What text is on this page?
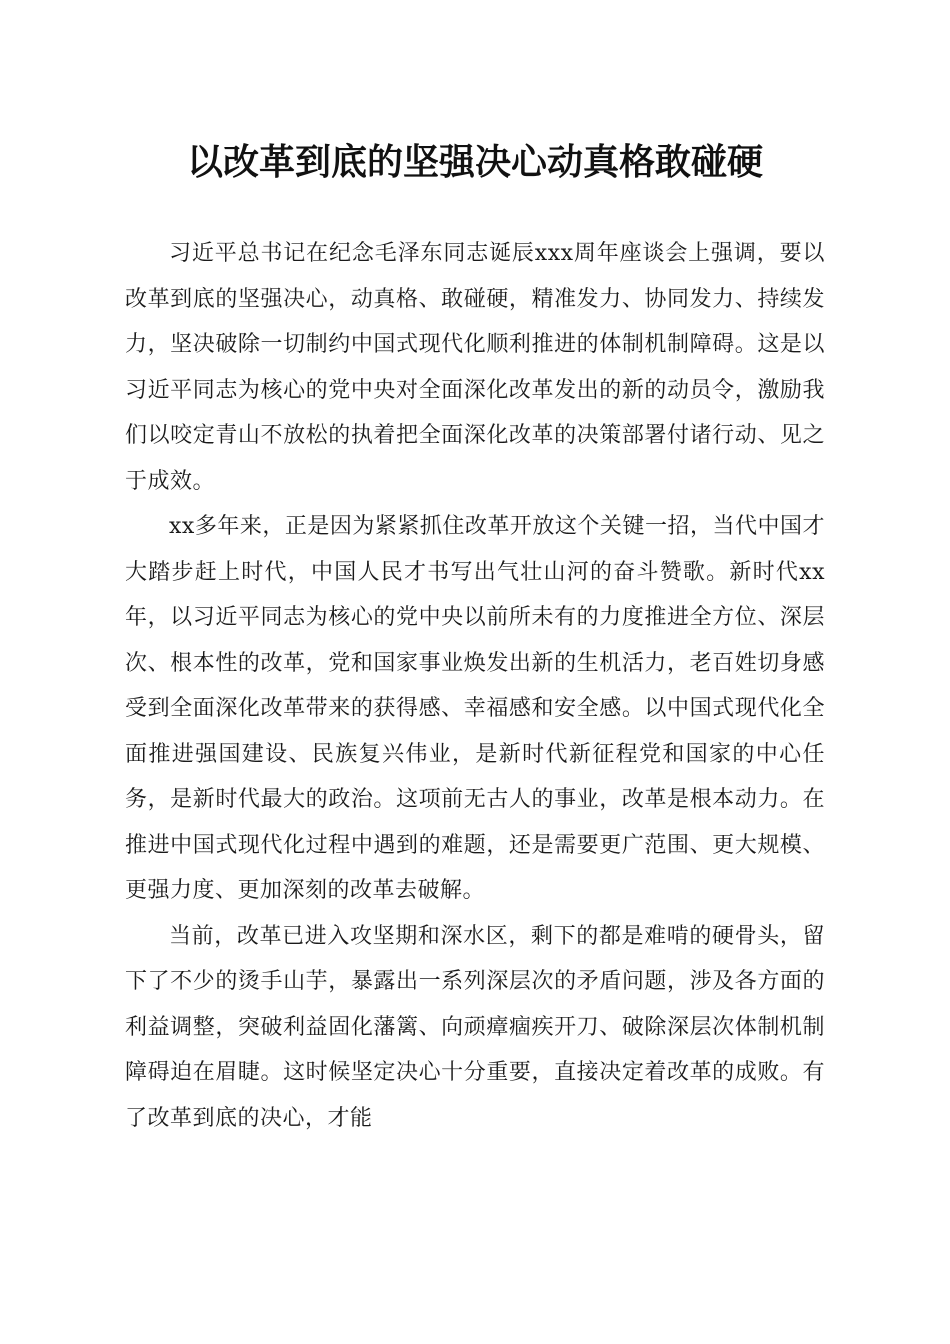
以改革到底的坚强决心动真格敢碰硬

习近平总书记在纪念毛泽东同志诞辰xxx周年座谈会上强调，要以改革到底的坚强决心，动真格、敢碰硬，精准发力、协同发力、持续发力，坚决破除一切制约中国式现代化顺利推进的体制机制障碍。这是以习近平同志为核心的党中央对全面深化改革发出的新的动员令，激励我们以咬定青山不放松的执着把全面深化改革的决策部署付诸行动、见之于成效。

xx多年来，正是因为紧紧抓住改革开放这个关键一招，当代中国才大踏步赶上时代，中国人民才书写出气壮山河的奋斗赞歌。新时代xx年，以习近平同志为核心的党中央以前所未有的力度推进全方位、深层次、根本性的改革，党和国家事业焕发出新的生机活力，老百姓切身感受到全面深化改革带来的获得感、幸福感和安全感。以中国式现代化全面推进强国建设、民族复兴伟业，是新时代新征程党和国家的中心任务，是新时代最大的政治。这项前无古人的事业，改革是根本动力。在推进中国式现代化过程中遇到的难题，还是需要更广范围、更大规模、更强力度、更加深刻的改革去破解。

当前，改革已进入攻坚期和深水区，剩下的都是难啃的硬骨头，留下了不少的烫手山芋，暴露出一系列深层次的矛盾问题，涉及各方面的利益调整，突破利益固化藩篱、向顽瘴痼疾开刀、破除深层次体制机制障碍迫在眉睫。这时候坚定决心十分重要，直接决定着改革的成败。有了改革到底的决心，才能
